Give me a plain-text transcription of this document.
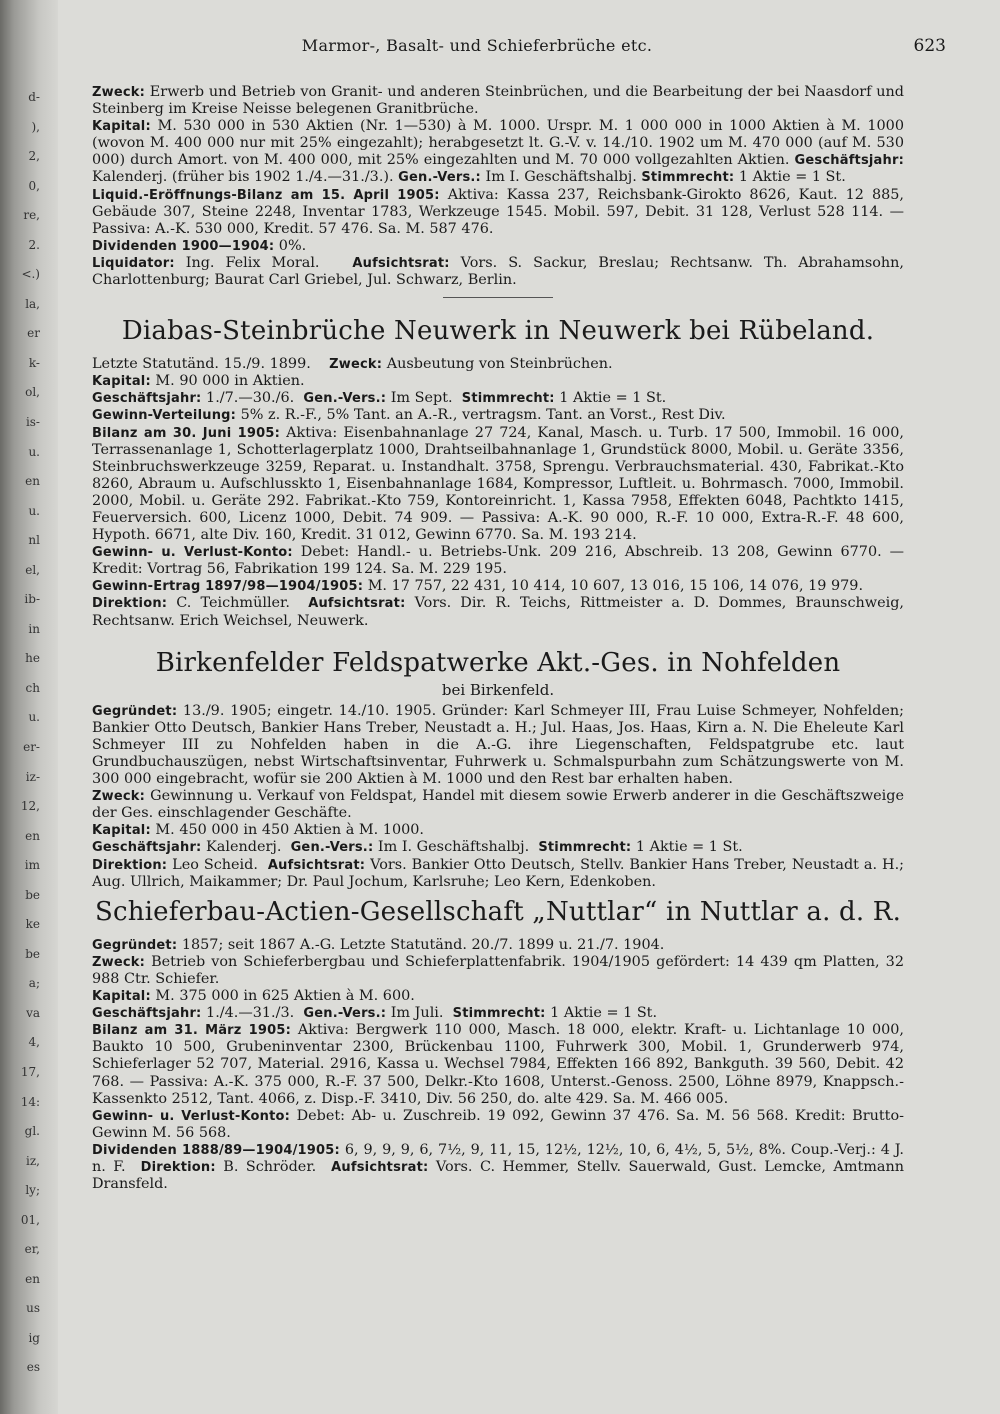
d-
),
2,
0,
re,
2.
<.)
la,
er
k-
ol,
is-
u.
en
u.
nl
el,
ib-
in
he
ch
u.
er-
iz-
12,
en
im
be
ke
be
a;
va
4,
17,
14:
gl.
iz,
ly;
01,
er,
en
us
ig
es
Marmor-, Basalt- und Schieferbrüche etc.	623

Zweck: Erwerb und Betrieb von Granit- und anderen Steinbrüchen, und die Bearbeitung der bei Naasdorf und Steinberg im Kreise Neisse belegenen Granitbrüche.

Kapital: M. 530 000 in 530 Aktien (Nr. 1—530) à M. 1000. Urspr. M. 1 000 000 in 1000 Aktien à M. 1000 (wovon M. 400 000 nur mit 25% eingezahlt); herabgesetzt lt. G.-V. v. 14./10. 1902 um M. 470 000 (auf M. 530 000) durch Amort. von M. 400 000, mit 25% eingezahlten und M. 70 000 vollgezahlten Aktien. Geschäftsjahr: Kalenderj. (früher bis 1902 1./4.—31./3.). Gen.-Vers.: Im I. Geschäftshalbj. Stimmrecht: 1 Aktie = 1 St.

Liquid.-Eröffnungs-Bilanz am 15. April 1905: Aktiva: Kassa 237, Reichsbank-Girokto 8626, Kaut. 12 885, Gebäude 307, Steine 2248, Inventar 1783, Werkzeuge 1545. Mobil. 597, Debit. 31 128, Verlust 528 114. — Passiva: A.-K. 530 000, Kredit. 57 476. Sa. M. 587 476.

Dividenden 1900—1904: 0%.

Liquidator: Ing. Felix Moral.	Aufsichtsrat: Vors. S. Sackur, Breslau; Rechtsanw. Th. Abrahamsohn, Charlottenburg; Baurat Carl Griebel, Jul. Schwarz, Berlin.

Diabas-Steinbrüche Neuwerk in Neuwerk bei Rübeland.

Letzte Statutänd. 15./9. 1899. Zweck: Ausbeutung von Steinbrüchen.

Kapital: M. 90 000 in Aktien.

Geschäftsjahr: 1./7.—30./6. Gen.-Vers.: Im Sept. Stimmrecht: 1 Aktie = 1 St.

Gewinn-Verteilung: 5% z. R.-F., 5% Tant. an A.-R., vertragsm. Tant. an Vorst., Rest Div.

Bilanz am 30. Juni 1905: Aktiva: Eisenbahnanlage 27 724, Kanal, Masch. u. Turb. 17 500, Immobil. 16 000, Terrassenanlage 1, Schotterlagerplatz 1000, Drahtseilbahnanlage 1, Grundstück 8000, Mobil. u. Geräte 3356, Steinbruchswerkzeuge 3259, Reparat. u. Instandhalt. 3758, Sprengu. Verbrauchsmaterial. 430, Fabrikat.-Kto 8260, Abraum u. Aufschlusskto 1, Eisenbahnanlage 1684, Kompressor, Luftleit. u. Bohrmasch. 7000, Immobil. 2000, Mobil. u. Geräte 292. Fabrikat.-Kto 759, Kontoreinricht. 1, Kassa 7958, Effekten 6048, Pachtkto 1415, Feuerversich. 600, Licenz 1000, Debit. 74 909. — Passiva: A.-K. 90 000, R.-F. 10 000, Extra-R.-F. 48 600, Hypoth. 6671, alte Div. 160, Kredit. 31 012, Gewinn 6770. Sa. M. 193 214.

Gewinn- u. Verlust-Konto: Debet: Handl.- u. Betriebs-Unk. 209 216, Abschreib. 13 208, Gewinn 6770. — Kredit: Vortrag 56, Fabrikation 199 124. Sa. M. 229 195.

Gewinn-Ertrag 1897/98—1904/1905: M. 17 757, 22 431, 10 414, 10 607, 13 016, 15 106, 14 076, 19 979.

Direktion: C. Teichmüller. Aufsichtsrat: Vors. Dir. R. Teichs, Rittmeister a. D. Dommes, Braunschweig, Rechtsanw. Erich Weichsel, Neuwerk.

Birkenfelder Feldspatwerke Akt.-Ges. in Nohfelden
bei Birkenfeld.

Gegründet: 13./9. 1905; eingetr. 14./10. 1905. Gründer: Karl Schmeyer III, Frau Luise Schmeyer, Nohfelden; Bankier Otto Deutsch, Bankier Hans Treber, Neustadt a. H.; Jul. Haas, Jos. Haas, Kirn a. N. Die Eheleute Karl Schmeyer III zu Nohfelden haben in die A.-G. ihre Liegenschaften, Feldspatgrube etc. laut Grundbuchauszügen, nebst Wirtschaftsinventar, Fuhrwerk u. Schmalspurbahn zum Schätzungswerte von M. 300 000 eingebracht, wofür sie 200 Aktien à M. 1000 und den Rest bar erhalten haben.

Zweck: Gewinnung u. Verkauf von Feldspat, Handel mit diesem sowie Erwerb anderer in die Geschäftszweige der Ges. einschlagender Geschäfte.

Kapital: M. 450 000 in 450 Aktien à M. 1000.

Geschäftsjahr: Kalenderj. Gen.-Vers.: Im I. Geschäftshalbj. Stimmrecht: 1 Aktie = 1 St.

Direktion: Leo Scheid. Aufsichtsrat: Vors. Bankier Otto Deutsch, Stellv. Bankier Hans Treber, Neustadt a. H.; Aug. Ullrich, Maikammer; Dr. Paul Jochum, Karlsruhe; Leo Kern, Edenkoben.

Schieferbau-Actien-Gesellschaft „Nuttlar“ in Nuttlar a. d. R.

Gegründet: 1857; seit 1867 A.-G. Letzte Statutänd. 20./7. 1899 u. 21./7. 1904.

Zweck: Betrieb von Schieferbergbau und Schieferplattenfabrik. 1904/1905 gefördert: 14 439 qm Platten, 32 988 Ctr. Schiefer.

Kapital: M. 375 000 in 625 Aktien à M. 600.

Geschäftsjahr: 1./4.—31./3. Gen.-Vers.: Im Juli. Stimmrecht: 1 Aktie = 1 St.

Bilanz am 31. März 1905: Aktiva: Bergwerk 110 000, Masch. 18 000, elektr. Kraft- u. Lichtanlage 10 000, Baukto 10 500, Grubeninventar 2300, Brückenbau 1100, Fuhrwerk 300, Mobil. 1, Grunderwerb 974, Schieferlager 52 707, Material. 2916, Kassa u. Wechsel 7984, Effekten 166 892, Bankguth. 39 560, Debit. 42 768. — Passiva: A.-K. 375 000, R.-F. 37 500, Delkr.-Kto 1608, Unterst.-Genoss. 2500, Löhne 8979, Knappsch.-Kassenkto 2512, Tant. 4066, z. Disp.-F. 3410, Div. 56 250, do. alte 429. Sa. M. 466 005.

Gewinn- u. Verlust-Konto: Debet: Ab- u. Zuschreib. 19 092, Gewinn 37 476. Sa. M. 56 568. Kredit: Brutto-Gewinn M. 56 568.

Dividenden 1888/89—1904/1905: 6, 9, 9, 9, 6, 7½, 9, 11, 15, 12½, 12½, 10, 6, 4½, 5, 5½, 8%. Coup.-Verj.: 4 J. n. F. Direktion: B. Schröder. Aufsichtsrat: Vors. C. Hemmer, Stellv. Sauerwald, Gust. Lemcke, Amtmann Dransfeld.
